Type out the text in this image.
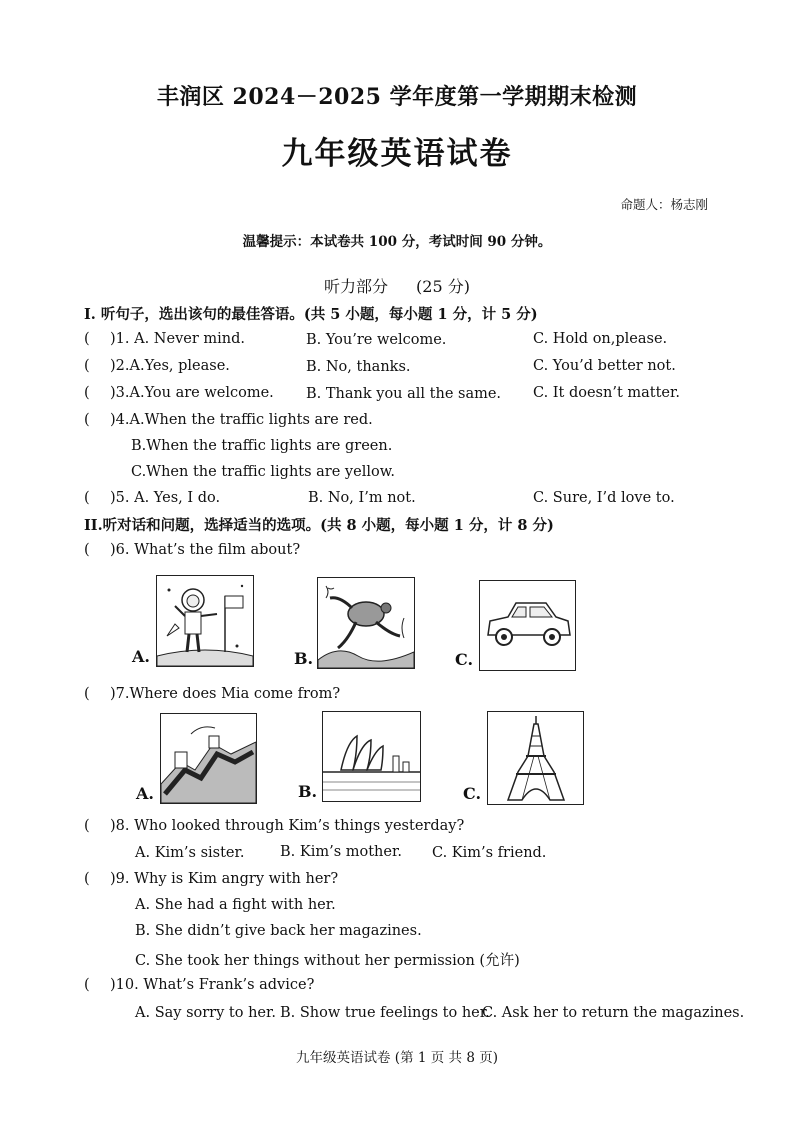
丰润区 2024－2025 学年度第一学期期末检测
九年级英语试卷
命题人：杨志刚
温馨提示：本试卷共 100 分，考试时间 90 分钟。
听力部分 (25 分)
I. 听句子，选出该句的最佳答语。(共 5 小题，每小题 1 分，计 5 分)
( )1. A. Never mind.	B. You’re welcome.	C. Hold on,please.
( )2.A.Yes, please.	B. No, thanks.	C. You’d better not.
( )3.A.You are welcome. B. Thank you all the same. C. It doesn’t matter.
( )4.A.When the traffic lights are red.
B.When the traffic lights are green.
C.When the traffic lights are yellow.
( )5. A. Yes, I do.	B. No, I’m not.	C. Sure, I’d love to.
II.听对话和问题，选择适当的选项。(共 8 小题，每小题 1 分，计 8 分)
( )6. What’s the film about?
A.	B.	C.
( )7.Where does Mia come from?
A.	B.	C.
( )8. Who looked through Kim’s things yesterday?
A. Kim’s sister. B. Kim’s mother. C. Kim’s friend.
( )9. Why is Kim angry with her?
A. She had a fight with her.
B. She didn’t give back her magazines.
C. She took her things without her permission (允许)
( )10. What’s Frank’s advice?
A. Say sorry to her. B. Show true feelings to her.
C. Ask her to return the magazines.
九年级英语试卷 (第 1 页 共 8 页)
